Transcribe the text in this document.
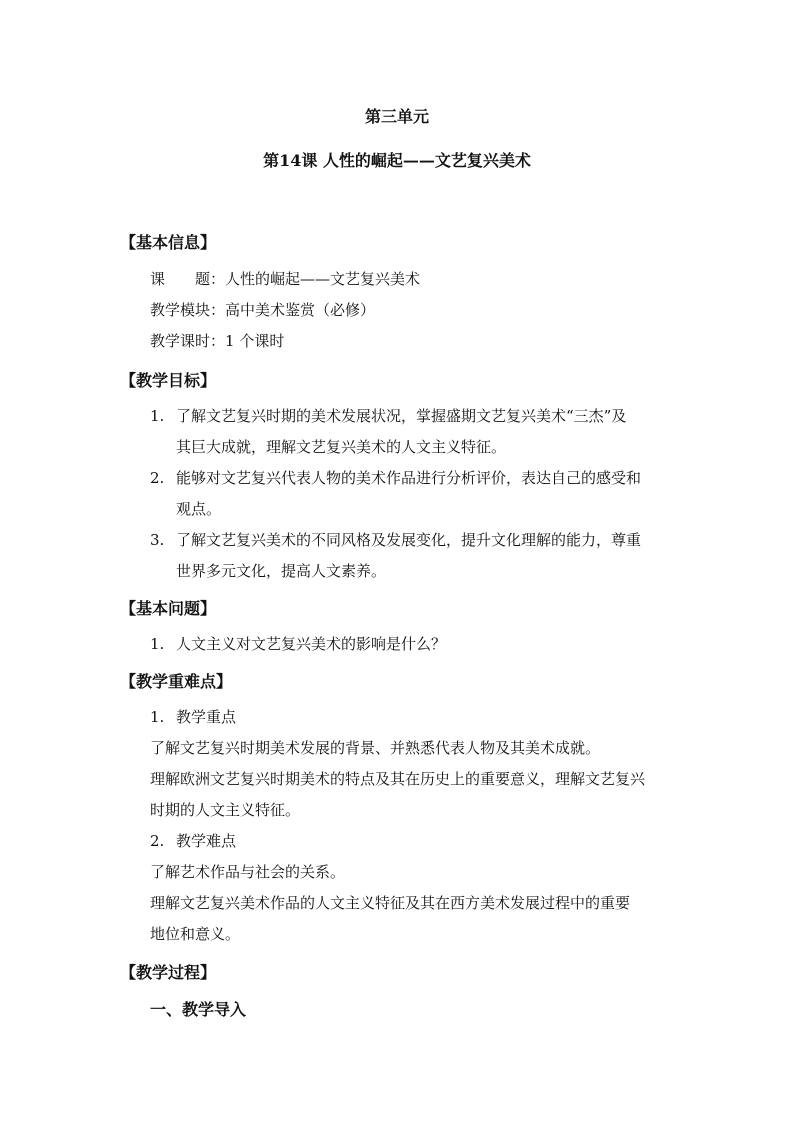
第三单元
第14课 人性的崛起——文艺复兴美术
【基本信息】
课　　题：人性的崛起——文艺复兴美术
教学模块：高中美术鉴赏（必修）
教学课时：1 个课时
【教学目标】
1. 了解文艺复兴时期的美术发展状况，掌握盛期文艺复兴美术“三杰”及
其巨大成就，理解文艺复兴美术的人文主义特征。
2. 能够对文艺复兴代表人物的美术作品进行分析评价，表达自己的感受和
观点。
3. 了解文艺复兴美术的不同风格及发展变化，提升文化理解的能力，尊重
世界多元文化，提高人文素养。
【基本问题】
1. 人文主义对文艺复兴美术的影响是什么？
【教学重难点】
1. 教学重点
了解文艺复兴时期美术发展的背景、并熟悉代表人物及其美术成就。
理解欧洲文艺复兴时期美术的特点及其在历史上的重要意义，理解文艺复兴
时期的人文主义特征。
2. 教学难点
了解艺术作品与社会的关系。
理解文艺复兴美术作品的人文主义特征及其在西方美术发展过程中的重要
地位和意义。
【教学过程】
一、教学导入
